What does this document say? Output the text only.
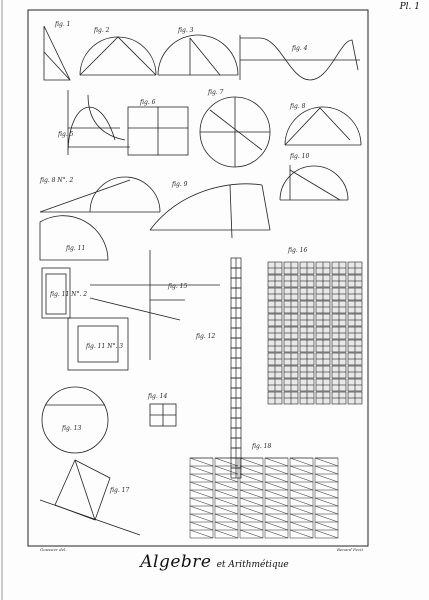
Pl. 1
fig. 1
fig. 2	fig. 3
fig. 4
fig. 5
fig. 6
fig. 7
fig. 8
fig. 9
fig. 10
fig. 8 N°. 2
fig. 11
fig. 11 N°. 2
fig. 11 N°. 3
fig. 12
fig. 13
fig. 14
fig. 15
fig. 16
fig. 17
fig. 18
Goussier del.	Benard Fecit
Algebre et Arithmétique
